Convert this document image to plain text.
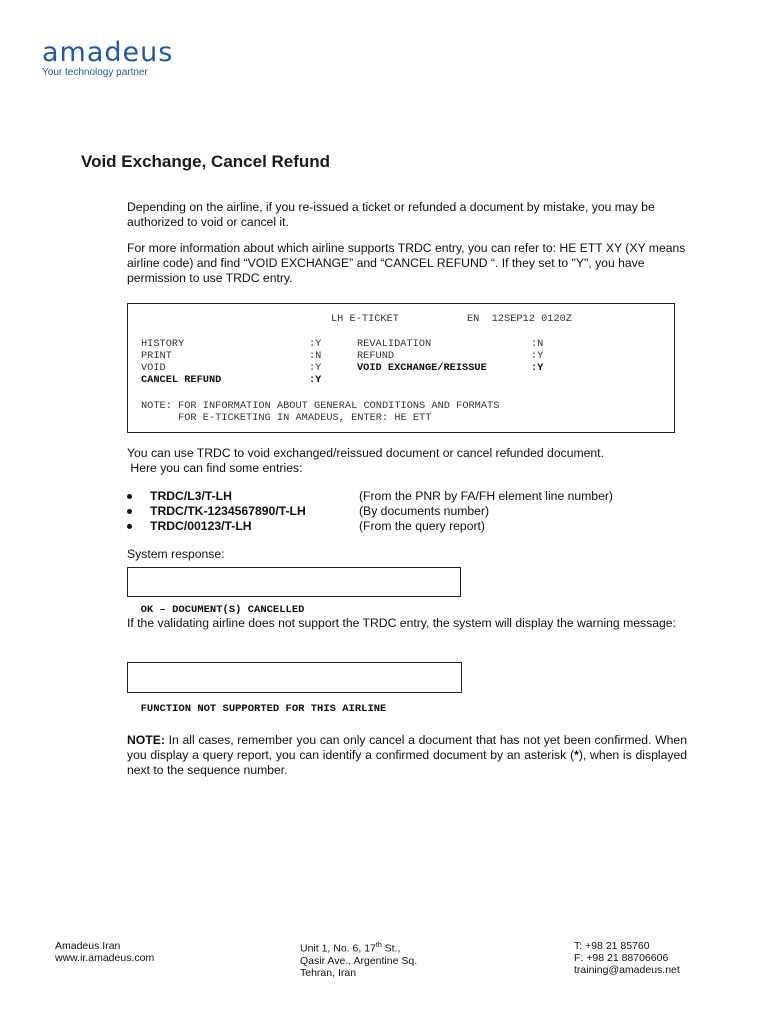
amadeus
Your technology partner
Void Exchange, Cancel Refund

Depending on the airline, if you re-issued a ticket or refunded a document by mistake, you may be authorized to void or cancel it.

For more information about which airline supports TRDC entry, you can refer to: HE ETT XY (XY means airline code) and find “VOID EXCHANGE” and “CANCEL REFUND “. If they set to "Y", you have permission to use TRDC entry.

LH E-TICKET           EN  12SEP12 0120Z
HISTORY	:Y	REVALIDATION	:N
PRINT	:N	REFUND	:Y
VOID	:Y	VOID EXCHANGE/REISSUE	:Y
CANCEL REFUND	:Y
NOTE: FOR INFORMATION ABOUT GENERAL CONDITIONS AND FORMATS
FOR E-TICKETING IN AMADEUS, ENTER: HE ETT

You can use TRDC to void exchanged/reissued document or cancel refunded document.

Here you can find some entries:

TRDC/L3/T-LH	(From the PNR by FA/FH element line number)
TRDC/TK-1234567890/T-LH	(By documents number)
TRDC/00123/T-LH	(From the query report)
System response:

OK – DOCUMENT(S) CANCELLED

If the validating airline does not support the TRDC entry, the system will display the warning message:

FUNCTION NOT SUPPORTED FOR THIS AIRLINE

NOTE: In all cases, remember you can only cancel a document that has not yet been confirmed. When you display a query report, you can identify a confirmed document by an asterisk (*), when is displayed next to the sequence number.

Amadeus Iran
www.ir.amadeus.com
Unit 1, No. 6, 17th St.,
Qasir Ave., Argentine Sq.
Tehran, Iran
T: +98 21 85760
F: +98 21 88706606
training@amadeus.net
